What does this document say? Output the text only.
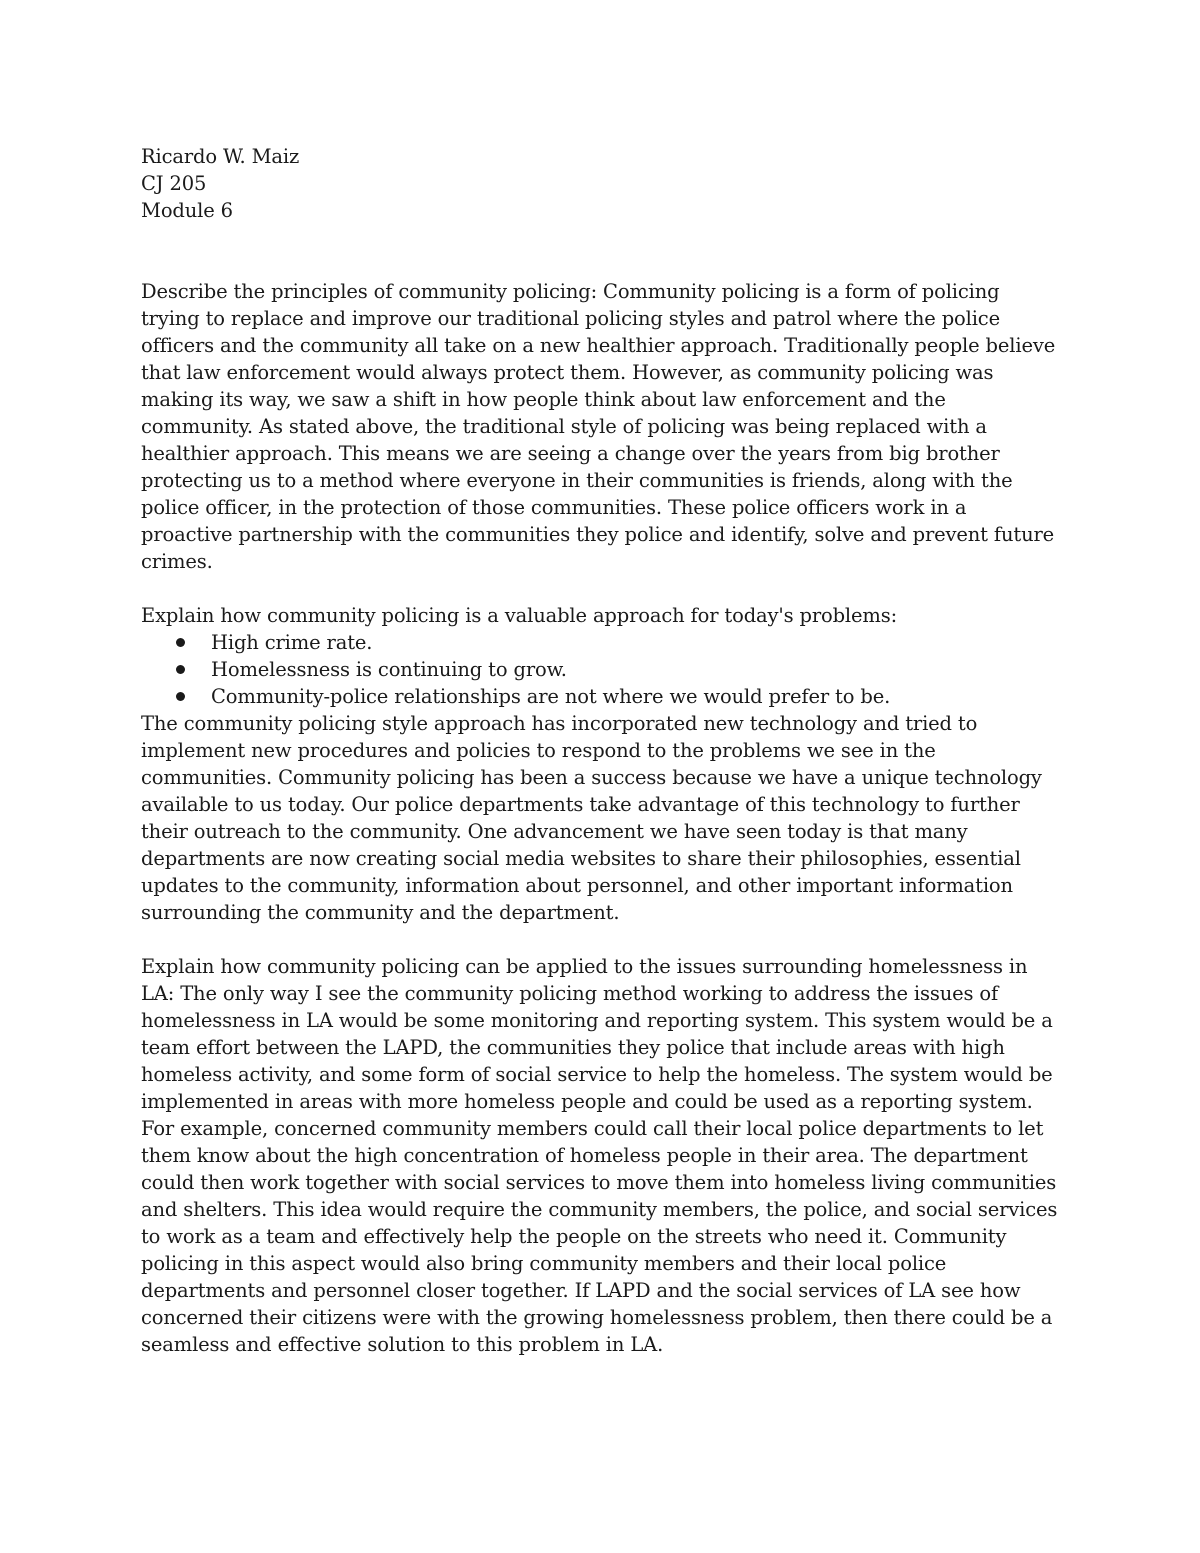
Ricardo W. Maiz

CJ 205

Module 6

Describe the principles of community policing: Community policing is a form of policing trying to replace and improve our traditional policing styles and patrol where the police officers and the community all take on a new healthier approach. Traditionally people believe that law enforcement would always protect them. However, as community policing was making its way, we saw a shift in how people think about law enforcement and the community. As stated above, the traditional style of policing was being replaced with a healthier approach. This means we are seeing a change over the years from big brother protecting us to a method where everyone in their communities is friends, along with the police officer, in the protection of those communities. These police officers work in a proactive partnership with the communities they police and identify, solve and prevent future crimes.

Explain how community policing is a valuable approach for today's problems:

High crime rate.
Homelessness is continuing to grow.
Community-police relationships are not where we would prefer to be.

The community policing style approach has incorporated new technology and tried to implement new procedures and policies to respond to the problems we see in the communities. Community policing has been a success because we have a unique technology available to us today. Our police departments take advantage of this technology to further their outreach to the community. One advancement we have seen today is that many departments are now creating social media websites to share their philosophies, essential updates to the community, information about personnel, and other important information surrounding the community and the department.

Explain how community policing can be applied to the issues surrounding homelessness in LA: The only way I see the community policing method working to address the issues of homelessness in LA would be some monitoring and reporting system. This system would be a team effort between the LAPD, the communities they police that include areas with high homeless activity, and some form of social service to help the homeless. The system would be implemented in areas with more homeless people and could be used as a reporting system. For example, concerned community members could call their local police departments to let them know about the high concentration of homeless people in their area. The department could then work together with social services to move them into homeless living communities and shelters. This idea would require the community members, the police, and social services to work as a team and effectively help the people on the streets who need it. Community policing in this aspect would also bring community members and their local police departments and personnel closer together. If LAPD and the social services of LA see how concerned their citizens were with the growing homelessness problem, then there could be a seamless and effective solution to this problem in LA.
